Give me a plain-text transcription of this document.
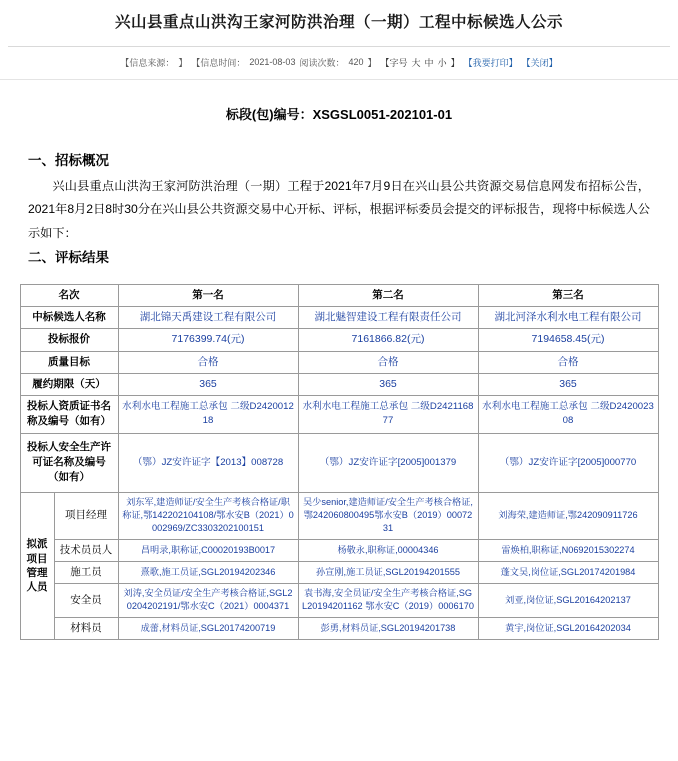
兴山县重点山洪沟王家河防洪治理（一期）工程中标候选人公示
【信息来源： 】 【信息时间： 2021-08-03 阅读次数： 420 】 【字号 大 中 小 】 【我要打印】 【关闭】
标段(包)编号：XSGSL0051-202101-01
一、招标概况

兴山县重点山洪沟王家河防洪治理（一期）工程于2021年7月9日在兴山县公共资源交易信息网发布招标公告，2021年8月2日8时30分在兴山县公共资源交易中心开标、评标，根据评标委员会提交的评标报告，现将中标候选人公示如下：

二、评标结果
名次		第一名	第二名	第三名
中标候选人名称		湖北锦天禹建设工程有限公司	湖北魅智建设工程有限责任公司	湖北河泽水利水电工程有限公司
投标报价		7176399.74(元)	7161866.82(元)	7194658.45(元)
质量目标		合格	合格	合格
履约期限（天）		365	365	365
投标人资质证书名称及编号（如有）		水利水电工程施工总承包 二级D242001218	水利水电工程施工总承包 二级D242116877	水利水电工程施工总承包 二级D242002308
投标人安全生产许可证名称及编号（如有）		（鄂）JZ安许证字【2013】008728	（鄂）JZ安许证字[2005]001379	（鄂）JZ安许证字[2005]000770

拟派项目管理人员	项目经理	刘东军,建造师证/安全生产考核合格证/职称证,鄂142202104108/鄂水安B（2021）0002969/ZC3303202100151	吴少senior,建造师证/安全生产考核合格证,鄂242060800495鄂水安B（2019）0007231	刘海荣,建造师证,鄂242090911726
	技术员员人	昌明录,职称证,C00020193B0017	杨敬永,职称证,00004346	雷焕柏,职称证,N0692015302274
	施工员	熹歌,施工员证,SGL20194202346	孙宣刚,施工员证,SGL20194201555	蓬文吴,岗位证,SGL20174201984
	安全员	刘涛,安全员证/安全生产考核合格证,SGL20204202191/鄂水安C（2021）0004371	袁书海,安全员证/安全生产考核合格证,SGL20194201162 鄂水安C（2019）0006170	刘亚,岗位证,SGL20164202137
	材料员	成蕾,材料员证,SGL20174200719	彭勇,材料员证,SGL20194201738	黄宇,岗位证,SGL20164202034
